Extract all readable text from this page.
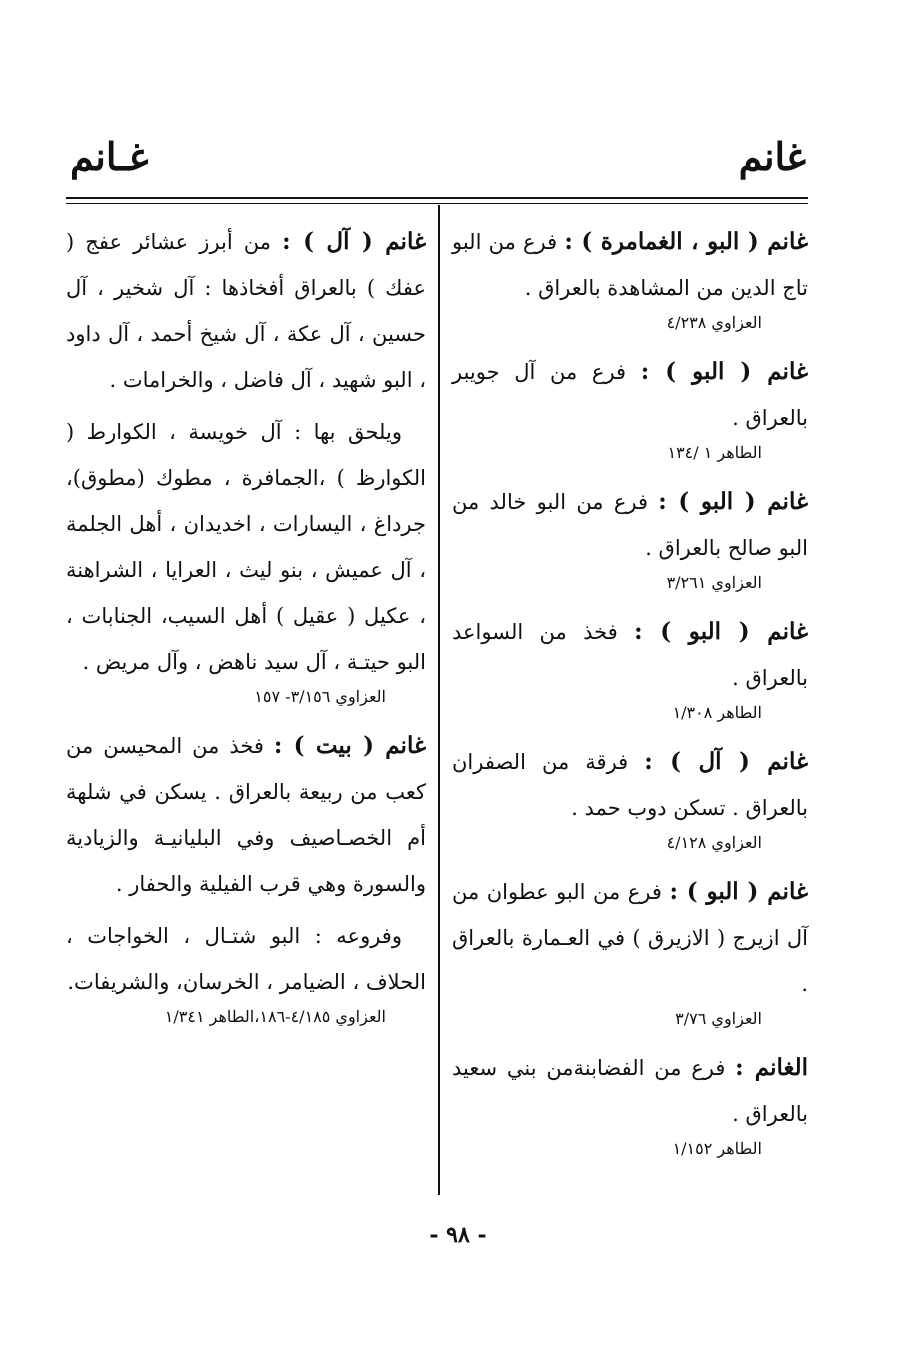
غانم
غـانم
غانم ( البو ، الغمامرة ) : فرع من البو تاج الدين من المشاهدة بالعراق .
العزاوي ٤/٢٣٨
غانم ( البو ) : فرع من آل جويبر بالعراق .
الطاهر ١ /١٣٤
غانم ( البو ) : فرع من البو خالد من البو صالح بالعراق .
العزاوي ٣/٢٦١
غانم ( البو ) : فخذ من السواعد بالعراق .
الطاهر ١/٣٠٨
غانم ( آل ) : فرقة من الصفران بالعراق . تسكن دوب حمد .
العزاوي ٤/١٢٨
غانم ( البو ) : فرع من البو عطوان من آل ازيرج ( الازيرق ) في العـمارة بالعراق .
العزاوي ٣/٧٦
الغانم : فرع من الفضابنةمن بني سعيد بالعراق .
الطاهر ١/١٥٢
غانم ( آل ) : من أبرز عشائر عفج ( عفك ) بالعراق أفخاذها : آل شخير ، آل حسين ، آل عكة ، آل شيخ أحمد ، آل داود ، البو شهيد ، آل فاضل ، والخرامات .
ويلحق بها : آل خويسة ، الكوارط ( الكوارظ ) ،الجمافرة ، مطوك (مطوق)، جرداغ ، اليسارات ، اخديدان ، أهل الجلمة ، آل عميش ، بنو ليث ، العرايا ، الشراهنة ، عكيل ( عقيل ) أهل السيب، الجنابات ، البو حيتـة ، آل سيد ناهض ، وآل مريض .
العزاوي ٣/١٥٦- ١٥٧
غانم ( بيت ) : فخذ من المحيسن من كعب من ربيعة بالعراق . يسكن في شلهة أم الخصـاصيف وفي البليانيـة والزيادية والسورة وهي قرب الفيلية والحفار .
وفروعه : البو شتـال ، الخواجات ، الحلاف ، الضيامر ، الخرسان، والشريفات.
العزاوي ٤/١٨٥-١٨٦،الطاهر ١/٣٤١
- ٩٨ -
